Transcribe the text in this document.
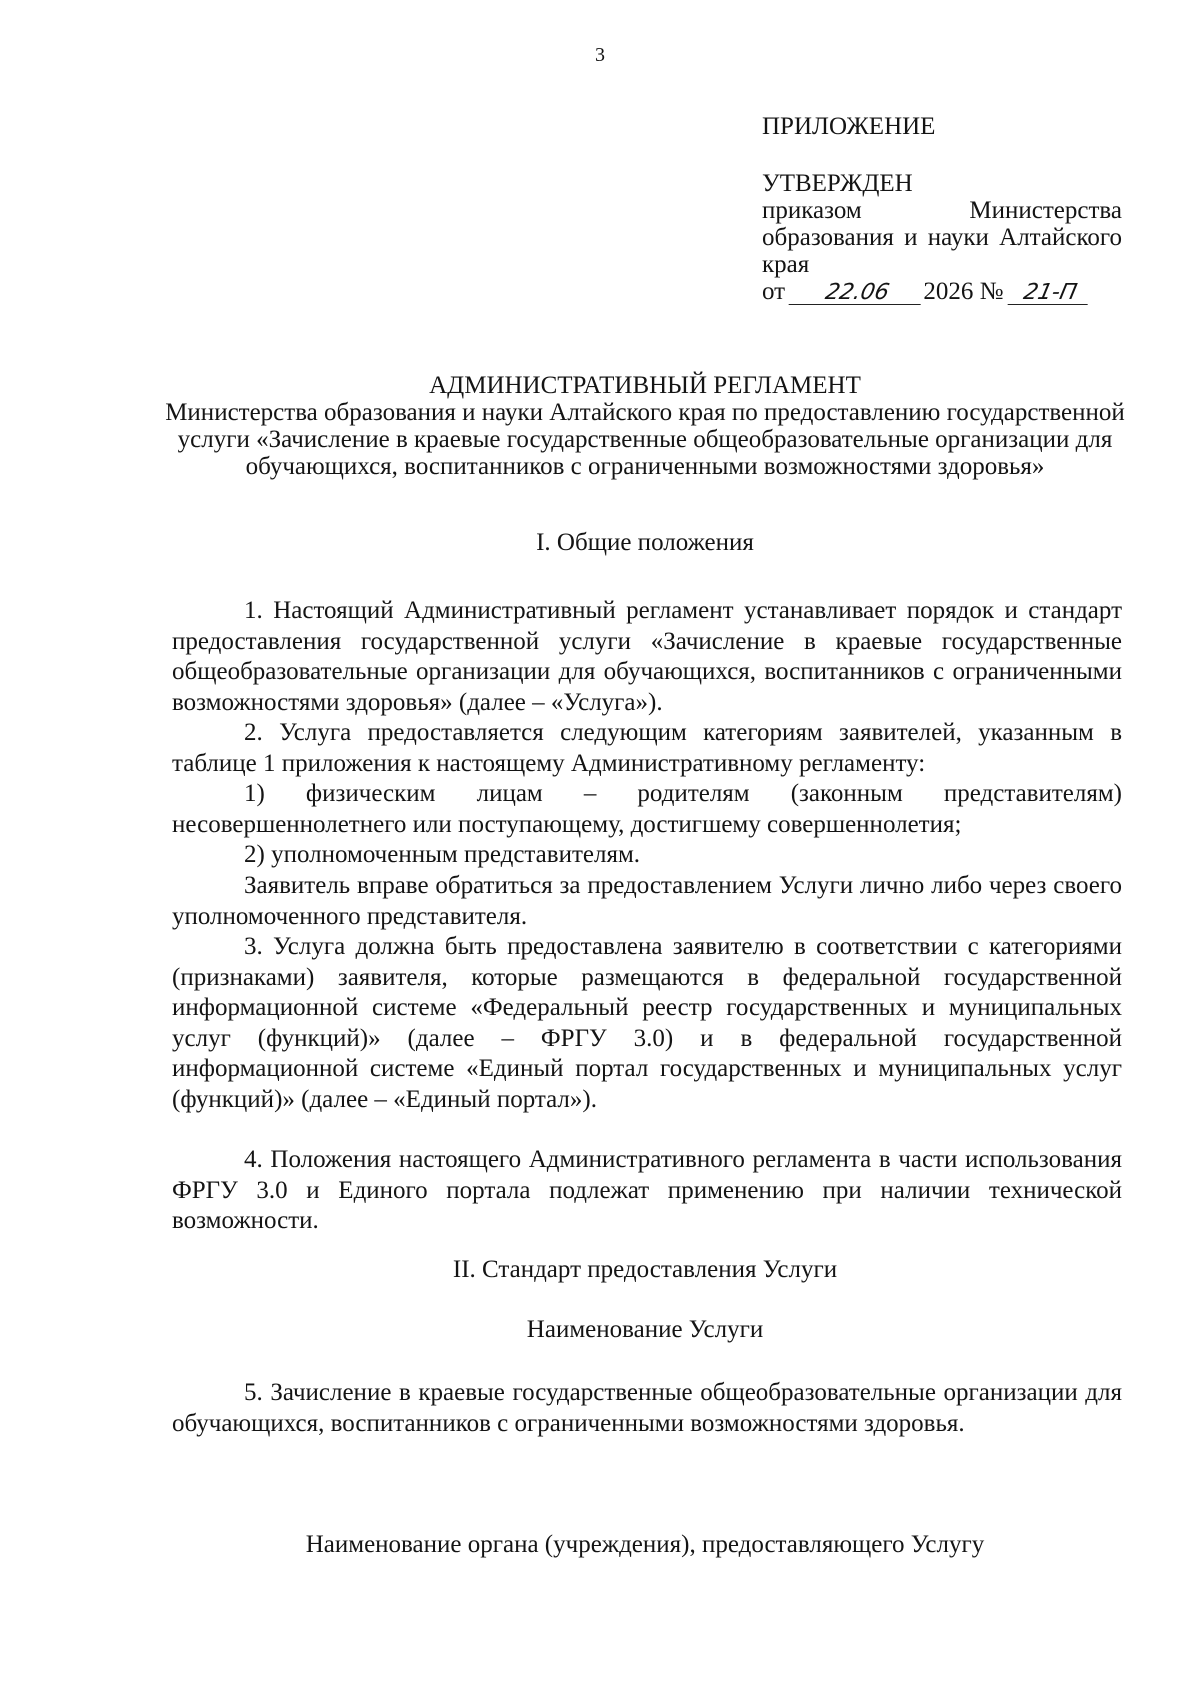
3

ПРИЛОЖЕНИЕ

УТВЕРЖДЕН

приказом Министерства образования и науки Алтайского края

от 22.06 2026 № 21-П

АДМИНИСТРАТИВНЫЙ РЕГЛАМЕНТ

Министерства образования и науки Алтайского края по предоставлению государственной услуги «Зачисление в краевые государственные общеобразовательные организации для обучающихся, воспитанников с ограниченными возможностями здоровья»

I. Общие положения

1. Настоящий Административный регламент устанавливает порядок и стандарт предоставления государственной услуги «Зачисление в краевые государственные общеобразовательные организации для обучающихся, воспитанников с ограниченными возможностями здоровья» (далее – «Услуга»).

2. Услуга предоставляется следующим категориям заявителей, указанным в таблице 1 приложения к настоящему Административному регламенту:

1) физическим лицам – родителям (законным представителям) несовершеннолетнего или поступающему, достигшему совершеннолетия;

2) уполномоченным представителям.

Заявитель вправе обратиться за предоставлением Услуги лично либо через своего уполномоченного представителя.

3. Услуга должна быть предоставлена заявителю в соответствии с категориями (признаками) заявителя, которые размещаются в федеральной государственной информационной системе «Федеральный реестр государственных и муниципальных услуг (функций)» (далее – ФРГУ 3.0) и в федеральной государственной информационной системе «Единый портал государственных и муниципальных услуг (функций)» (далее – «Единый портал»).

4. Положения настоящего Административного регламента в части использования ФРГУ 3.0 и Единого портала подлежат применению при наличии технической возможности.

II. Стандарт предоставления Услуги
Наименование Услуги

5. Зачисление в краевые государственные общеобразовательные организации для обучающихся, воспитанников с ограниченными возможностями здоровья.

Наименование органа (учреждения), предоставляющего Услугу
